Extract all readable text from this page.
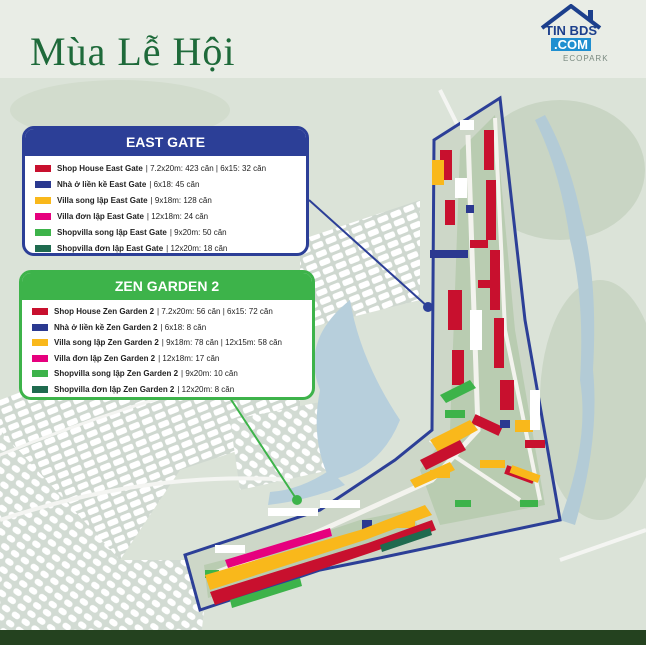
Mùa Lễ Hội	TIN BDS
.COM
ECOPARK
EAST GATE
Shop House East Gate | 7.2x20m: 423 căn | 6x15: 32 căn
Nhà ở liền kề East Gate | 6x18: 45 căn
Villa song lập East Gate | 9x18m: 128 căn
Villa đơn lập East Gate | 12x18m: 24 căn
Shopvilla song lập East Gate | 9x20m: 50 căn
Shopvilla đơn lập East Gate | 12x20m: 18 căn
ZEN GARDEN 2
Shop House Zen Garden 2 | 7.2x20m: 56 căn | 6x15: 72 căn
Nhà ở liền kề Zen Garden 2 | 6x18: 8 căn
Villa song lập Zen Garden 2 | 9x18m: 78 căn | 12x15m: 58 căn
Villa đơn lập Zen Garden 2 | 12x18m: 17 căn
Shopvilla song lập Zen Garden 2 | 9x20m: 10 căn
Shopvilla đơn lập Zen Garden 2 | 12x20m: 8 căn
